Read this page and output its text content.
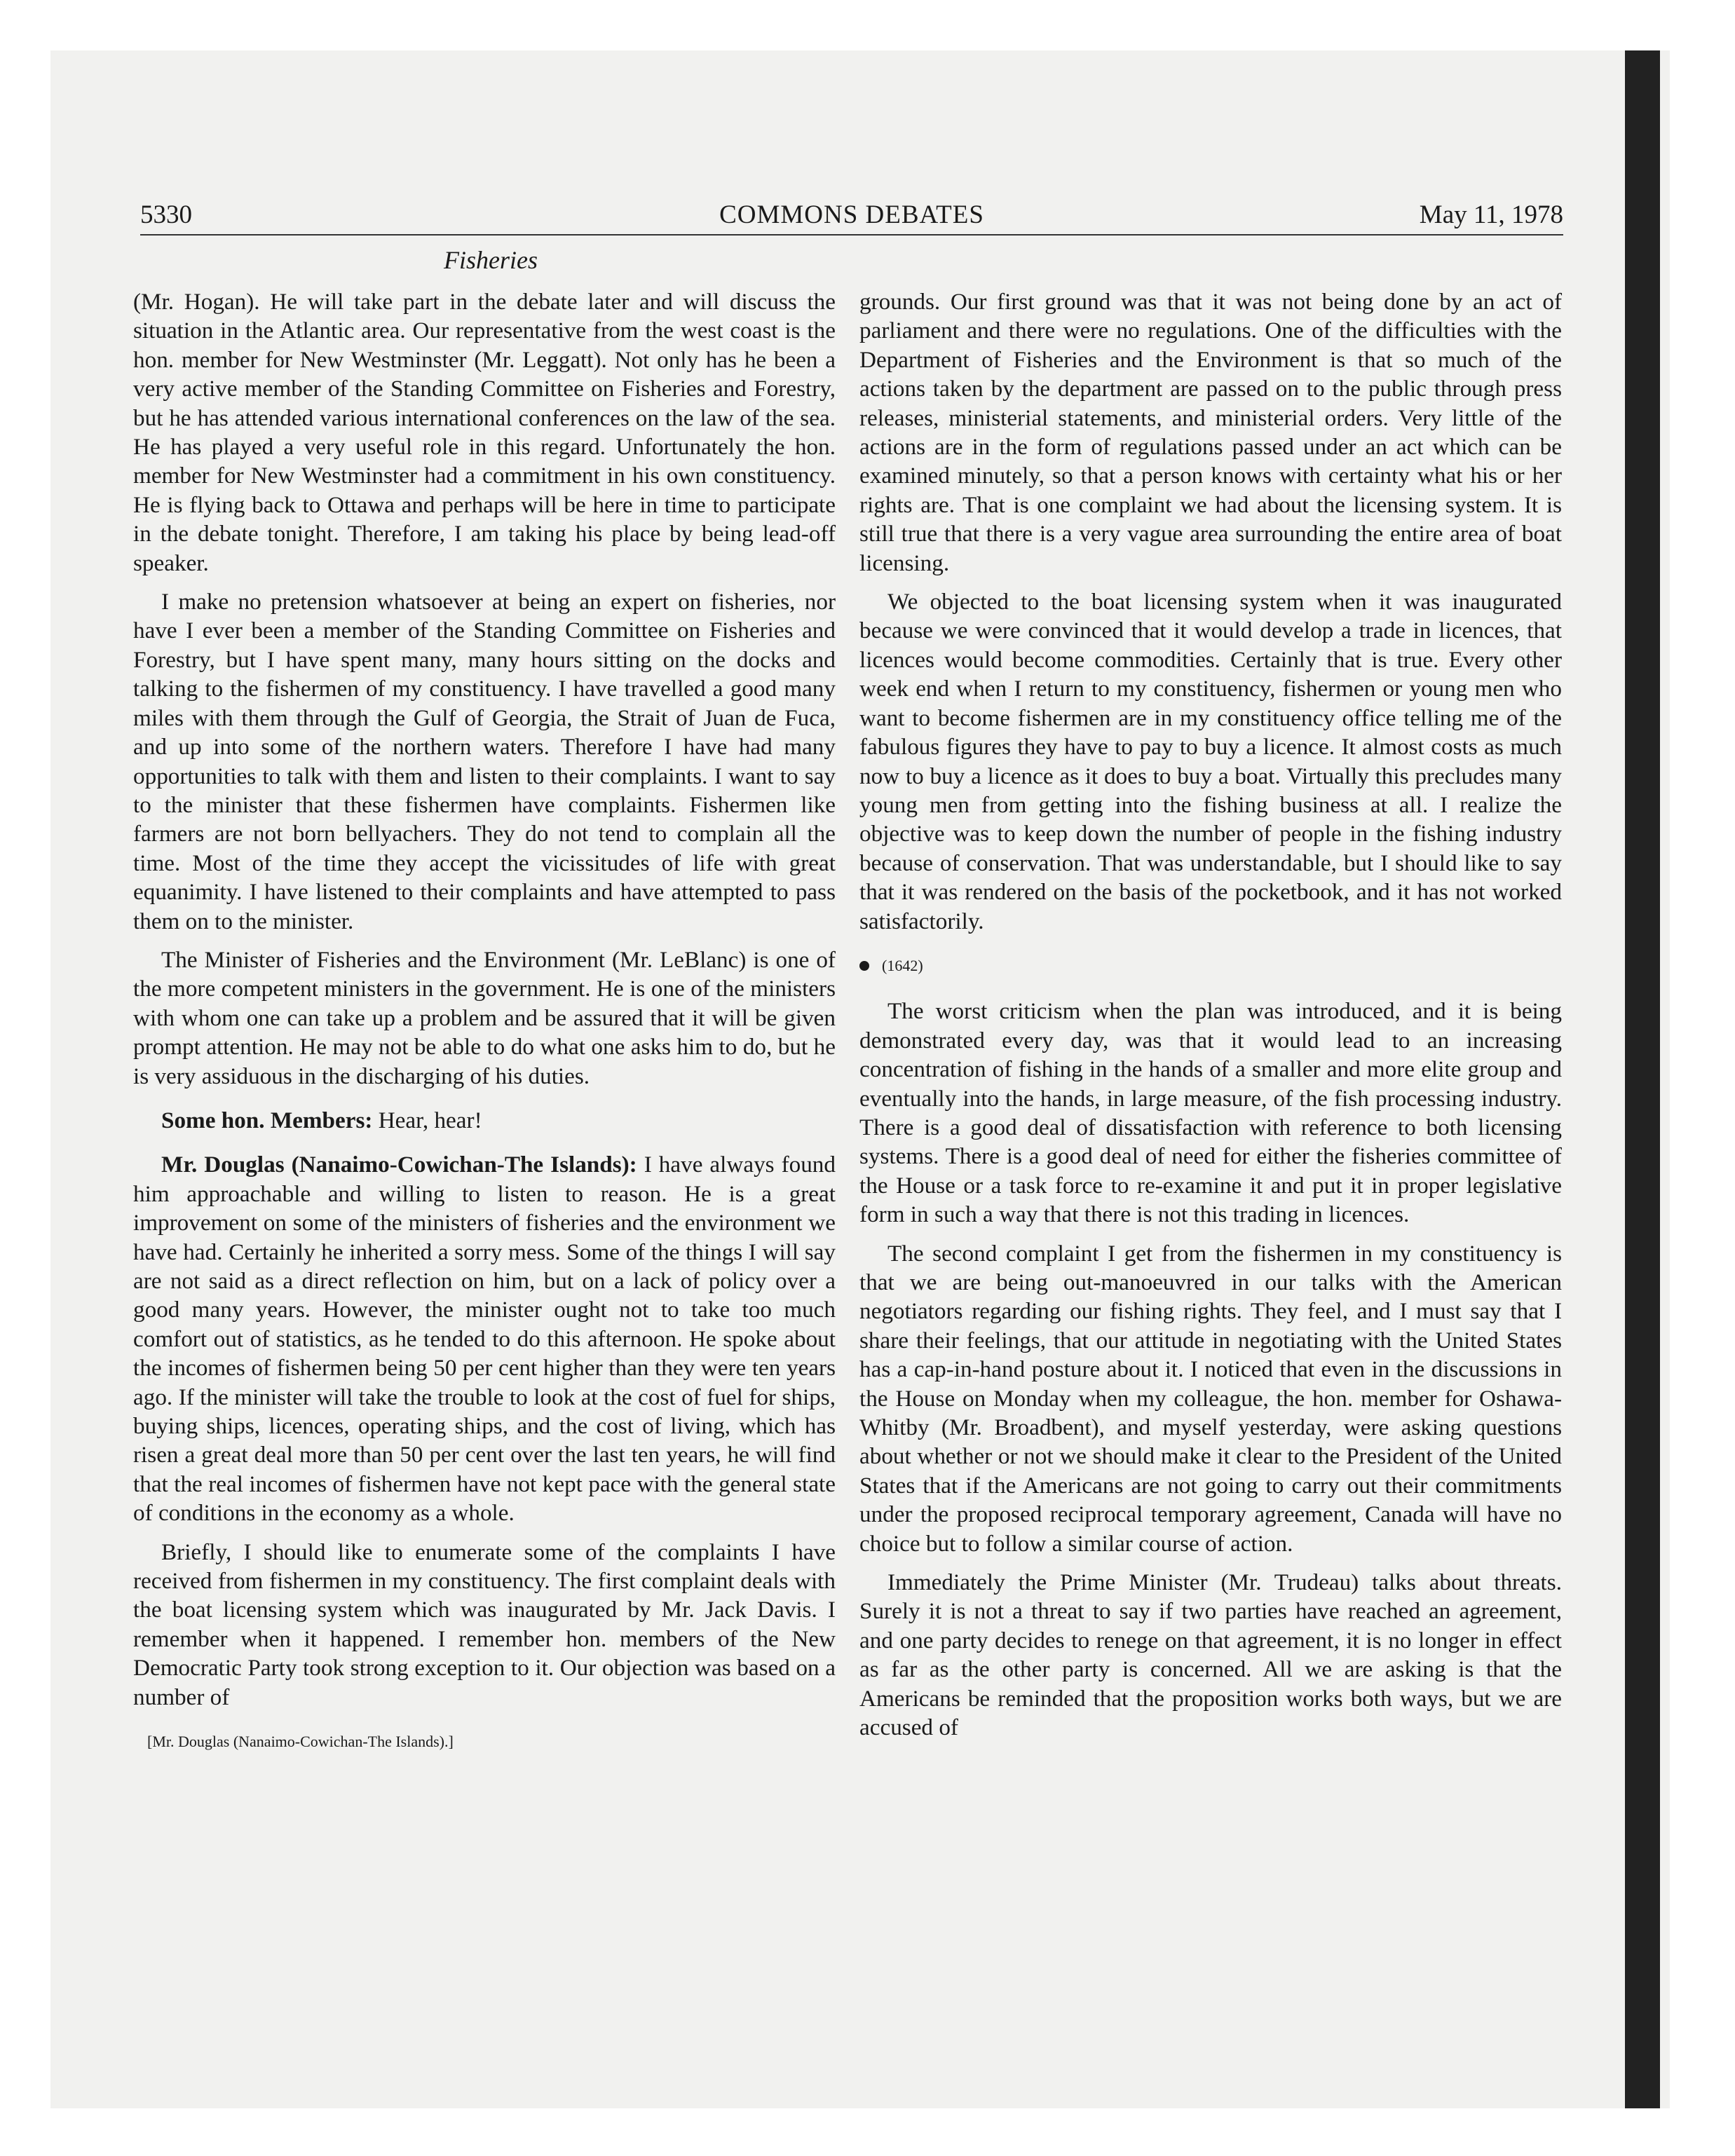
5330	COMMONS DEBATES	May 11, 1978
Fisheries

(Mr. Hogan). He will take part in the debate later and will discuss the situation in the Atlantic area. Our representative from the west coast is the hon. member for New Westminster (Mr. Leggatt). Not only has he been a very active member of the Standing Committee on Fisheries and Forestry, but he has attended various international conferences on the law of the sea. He has played a very useful role in this regard. Unfortunately the hon. member for New Westminster had a commitment in his own constituency. He is flying back to Ottawa and perhaps will be here in time to participate in the debate tonight. Therefore, I am taking his place by being lead-off speaker.

I make no pretension whatsoever at being an expert on fisheries, nor have I ever been a member of the Standing Committee on Fisheries and Forestry, but I have spent many, many hours sitting on the docks and talking to the fishermen of my constituency. I have travelled a good many miles with them through the Gulf of Georgia, the Strait of Juan de Fuca, and up into some of the northern waters. Therefore I have had many opportunities to talk with them and listen to their complaints. I want to say to the minister that these fishermen have complaints. Fishermen like farmers are not born bellyachers. They do not tend to complain all the time. Most of the time they accept the vicissitudes of life with great equanimity. I have listened to their complaints and have attempted to pass them on to the minister.

The Minister of Fisheries and the Environment (Mr. LeBlanc) is one of the more competent ministers in the government. He is one of the ministers with whom one can take up a problem and be assured that it will be given prompt attention. He may not be able to do what one asks him to do, but he is very assiduous in the discharging of his duties.

Some hon. Members: Hear, hear!

Mr. Douglas (Nanaimo-Cowichan-The Islands): I have always found him approachable and willing to listen to reason. He is a great improvement on some of the ministers of fisheries and the environment we have had. Certainly he inherited a sorry mess. Some of the things I will say are not said as a direct reflection on him, but on a lack of policy over a good many years. However, the minister ought not to take too much comfort out of statistics, as he tended to do this afternoon. He spoke about the incomes of fishermen being 50 per cent higher than they were ten years ago. If the minister will take the trouble to look at the cost of fuel for ships, buying ships, licences, operating ships, and the cost of living, which has risen a great deal more than 50 per cent over the last ten years, he will find that the real incomes of fishermen have not kept pace with the general state of conditions in the economy as a whole.

Briefly, I should like to enumerate some of the complaints I have received from fishermen in my constituency. The first complaint deals with the boat licensing system which was inaugurated by Mr. Jack Davis. I remember when it happened. I remember hon. members of the New Democratic Party took strong exception to it. Our objection was based on a number of

[Mr. Douglas (Nanaimo-Cowichan-The Islands).]

grounds. Our first ground was that it was not being done by an act of parliament and there were no regulations. One of the difficulties with the Department of Fisheries and the Environment is that so much of the actions taken by the department are passed on to the public through press releases, ministerial statements, and ministerial orders. Very little of the actions are in the form of regulations passed under an act which can be examined minutely, so that a person knows with certainty what his or her rights are. That is one complaint we had about the licensing system. It is still true that there is a very vague area surrounding the entire area of boat licensing.

We objected to the boat licensing system when it was inaugurated because we were convinced that it would develop a trade in licences, that licences would become commodities. Certainly that is true. Every other week end when I return to my constituency, fishermen or young men who want to become fishermen are in my constituency office telling me of the fabulous figures they have to pay to buy a licence. It almost costs as much now to buy a licence as it does to buy a boat. Virtually this precludes many young men from getting into the fishing business at all. I realize the objective was to keep down the number of people in the fishing industry because of conservation. That was understandable, but I should like to say that it was rendered on the basis of the pocketbook, and it has not worked satisfactorily.

(1642)

The worst criticism when the plan was introduced, and it is being demonstrated every day, was that it would lead to an increasing concentration of fishing in the hands of a smaller and more elite group and eventually into the hands, in large measure, of the fish processing industry. There is a good deal of dissatisfaction with reference to both licensing systems. There is a good deal of need for either the fisheries committee of the House or a task force to re-examine it and put it in proper legislative form in such a way that there is not this trading in licences.

The second complaint I get from the fishermen in my constituency is that we are being out-manoeuvred in our talks with the American negotiators regarding our fishing rights. They feel, and I must say that I share their feelings, that our attitude in negotiating with the United States has a cap-in-hand posture about it. I noticed that even in the discussions in the House on Monday when my colleague, the hon. member for Oshawa-Whitby (Mr. Broadbent), and myself yesterday, were asking questions about whether or not we should make it clear to the President of the United States that if the Americans are not going to carry out their commitments under the proposed reciprocal temporary agreement, Canada will have no choice but to follow a similar course of action.

Immediately the Prime Minister (Mr. Trudeau) talks about threats. Surely it is not a threat to say if two parties have reached an agreement, and one party decides to renege on that agreement, it is no longer in effect as far as the other party is concerned. All we are asking is that the Americans be reminded that the proposition works both ways, but we are accused of
